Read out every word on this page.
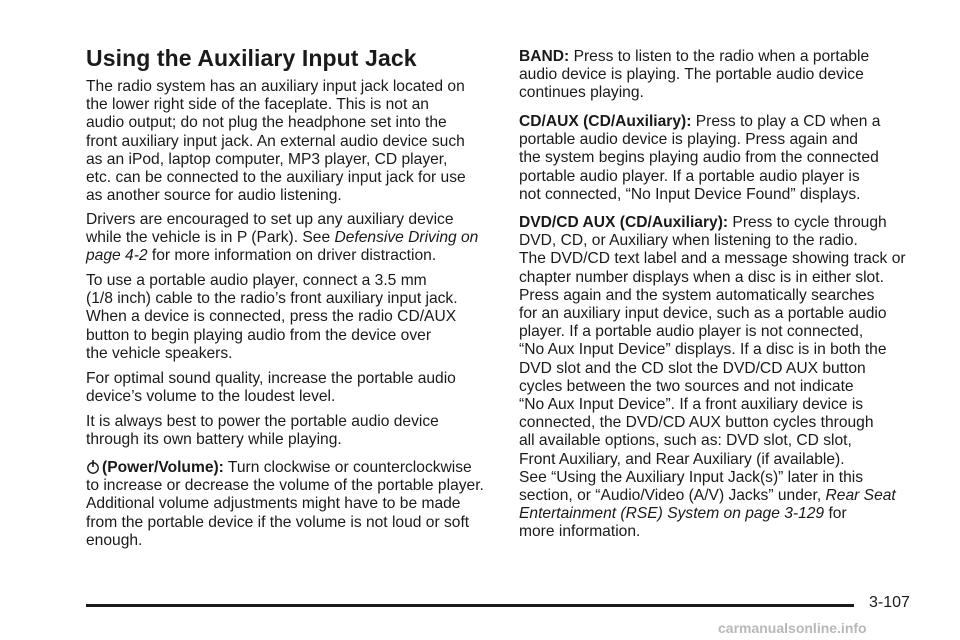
Using the Auxiliary Input Jack

The radio system has an auxiliary input jack located on
the lower right side of the faceplate. This is not an
audio output; do not plug the headphone set into the
front auxiliary input jack. An external audio device such
as an iPod, laptop computer, MP3 player, CD player,
etc. can be connected to the auxiliary input jack for use
as another source for audio listening.

Drivers are encouraged to set up any auxiliary device
while the vehicle is in P (Park). See Defensive Driving on
page 4-2 for more information on driver distraction.

To use a portable audio player, connect a 3.5 mm
(1/8 inch) cable to the radio’s front auxiliary input jack.
When a device is connected, press the radio CD/AUX
button to begin playing audio from the device over
the vehicle speakers.

For optimal sound quality, increase the portable audio
device’s volume to the loudest level.

It is always best to power the portable audio device
through its own battery while playing.

(Power/Volume): Turn clockwise or counterclockwise
to increase or decrease the volume of the portable player.
Additional volume adjustments might have to be made
from the portable device if the volume is not loud or soft
enough.

BAND: Press to listen to the radio when a portable
audio device is playing. The portable audio device
continues playing.

CD/AUX (CD/Auxiliary): Press to play a CD when a
portable audio device is playing. Press again and
the system begins playing audio from the connected
portable audio player. If a portable audio player is
not connected, “No Input Device Found” displays.

DVD/CD AUX (CD/Auxiliary): Press to cycle through
DVD, CD, or Auxiliary when listening to the radio.
The DVD/CD text label and a message showing track or
chapter number displays when a disc is in either slot.
Press again and the system automatically searches
for an auxiliary input device, such as a portable audio
player. If a portable audio player is not connected,
“No Aux Input Device” displays. If a disc is in both the
DVD slot and the CD slot the DVD/CD AUX button
cycles between the two sources and not indicate
“No Aux Input Device”. If a front auxiliary device is
connected, the DVD/CD AUX button cycles through
all available options, such as: DVD slot, CD slot,
Front Auxiliary, and Rear Auxiliary (if available).
See “Using the Auxiliary Input Jack(s)” later in this
section, or “Audio/Video (A/V) Jacks” under, Rear Seat
Entertainment (RSE) System on page 3-129 for
more information.

3-107
carmanualsonline.info
